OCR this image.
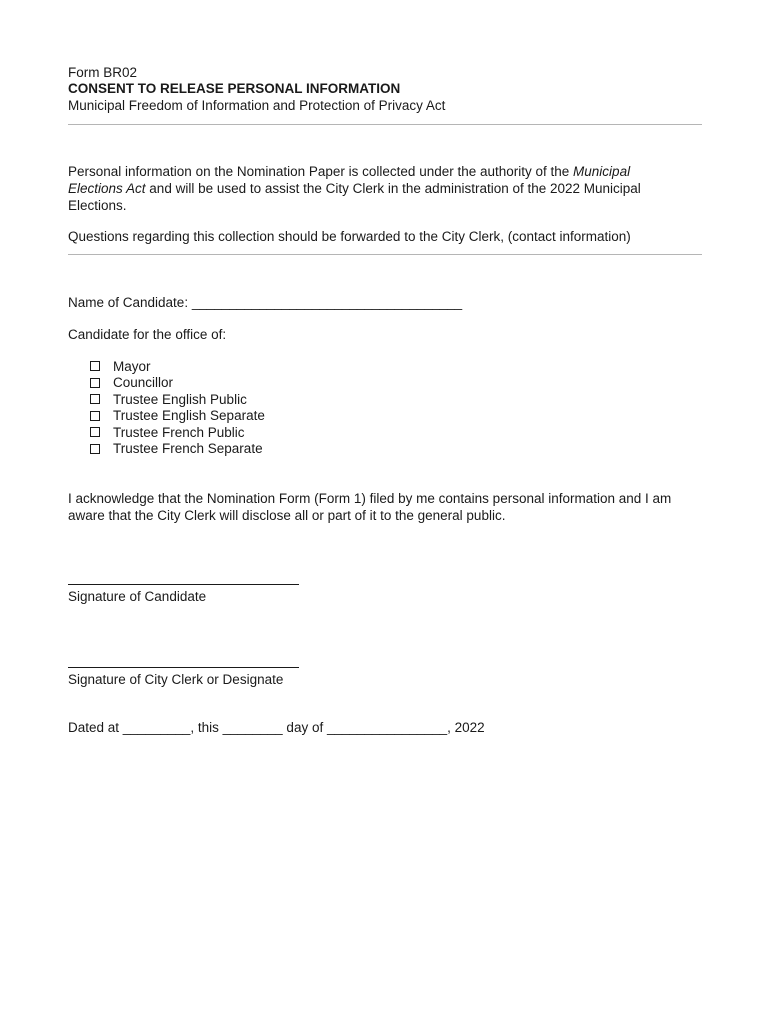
Form BR02
CONSENT TO RELEASE PERSONAL INFORMATION
Municipal Freedom of Information and Protection of Privacy Act
Personal information on the Nomination Paper is collected under the authority of the Municipal Elections Act and will be used to assist the City Clerk in the administration of the 2022 Municipal Elections.
Questions regarding this collection should be forwarded to the City Clerk, (contact information)
Name of Candidate: ____________________________________
Candidate for the office of:
Mayor
Councillor
Trustee English Public
Trustee English Separate
Trustee French Public
Trustee French Separate
I acknowledge that the Nomination Form (Form 1) filed by me contains personal information and I am aware that the City Clerk will disclose all or part of it to the general public.
Signature of Candidate
Signature of City Clerk or Designate
Dated at _________, this ________ day of ________________, 2022
